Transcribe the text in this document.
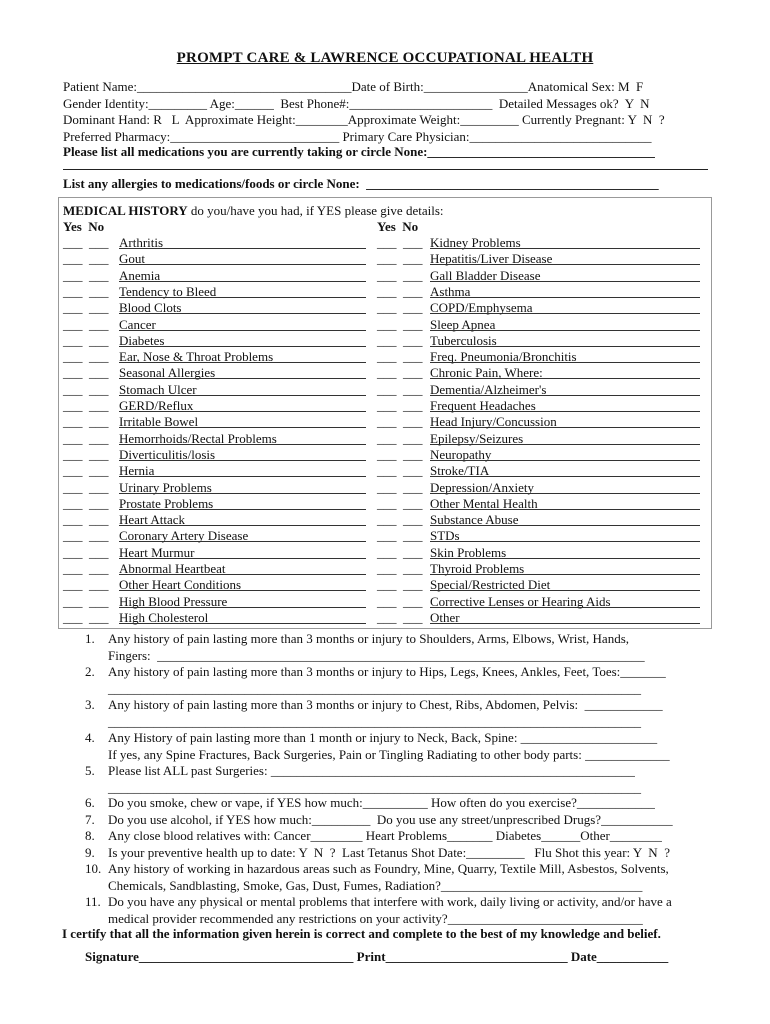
PROMPT CARE & LAWRENCE OCCUPATIONAL HEALTH
Patient Name:_________________________________Date of Birth:________________Anatomical Sex: M  F
Gender Identity:_________ Age:______  Best Phone#:______________________  Detailed Messages ok?  Y  N
Dominant Hand: R   L  Approximate Height:________Approximate Weight:_________ Currently Pregnant: Y  N  ?
Preferred Pharmacy:__________________________ Primary Care Physician:____________________________
Please list all medications you are currently taking or circle None:___________________________________
List any allergies to medications/foods or circle None:  _____________________________________________
MEDICAL HISTORY do you/have you had, if YES please give details:
Yes  No	Yes  No
___  ___ Arthritis
___  ___ Gout
___  ___ Anemia
___  ___ Tendency to Bleed
___  ___ Blood Clots
___  ___ Cancer
___  ___ Diabetes
___  ___ Ear, Nose & Throat Problems
___  ___ Seasonal Allergies
___  ___ Stomach Ulcer
___  ___ GERD/Reflux
___  ___ Irritable Bowel
___  ___ Hemorrhoids/Rectal Problems
___  ___ Diverticulitis/losis
___  ___ Hernia
___  ___ Urinary Problems
___  ___ Prostate Problems
___  ___ Heart Attack
___  ___ Coronary Artery Disease
___  ___ Heart Murmur
___  ___ Abnormal Heartbeat
___  ___ Other Heart Conditions
___  ___ High Blood Pressure
___  ___ High Cholesterol
___  ___ Kidney Problems
___  ___ Hepatitis/Liver Disease
___  ___ Gall Bladder Disease
___  ___ Asthma
___  ___ COPD/Emphysema
___  ___ Sleep Apnea
___  ___ Tuberculosis
___  ___ Freq. Pneumonia/Bronchitis
___  ___ Chronic Pain, Where:
___  ___ Dementia/Alzheimer's
___  ___ Frequent Headaches
___  ___ Head Injury/Concussion
___  ___ Epilepsy/Seizures
___  ___ Neuropathy
___  ___ Stroke/TIA
___  ___ Depression/Anxiety
___  ___ Other Mental Health
___  ___ Substance Abuse
___  ___ STDs
___  ___ Skin Problems
___  ___ Thyroid Problems
___  ___ Special/Restricted Diet
___  ___ Corrective Lenses or Hearing Aids
___  ___ Other
1. Any history of pain lasting more than 3 months or injury to Shoulders, Arms, Elbows, Wrist, Hands,
Fingers:  ___________________________________________________________________________
2. Any history of pain lasting more than 3 months or injury to Hips, Legs, Knees, Ankles, Feet, Toes:_______
__________________________________________________________________________________
3. Any history of pain lasting more than 3 months or injury to Chest, Ribs, Abdomen, Pelvis:  ____________
__________________________________________________________________________________
4. Any History of pain lasting more than 1 month or injury to Neck, Back, Spine: _____________________
If yes, any Spine Fractures, Back Surgeries, Pain or Tingling Radiating to other body parts: _____________
5. Please list ALL past Surgeries: ________________________________________________________
__________________________________________________________________________________
6. Do you smoke, chew or vape, if YES how much:__________ How often do you exercise?____________
7. Do you use alcohol, if YES how much:_________  Do you use any street/unprescribed Drugs?___________
8. Any close blood relatives with: Cancer________ Heart Problems_______ Diabetes______Other________
9. Is your preventive health up to date: Y  N  ?  Last Tetanus Shot Date:_________   Flu Shot this year: Y  N  ?
10. Any history of working in hazardous areas such as Foundry, Mine, Quarry, Textile Mill, Asbestos, Solvents,
Chemicals, Sandblasting, Smoke, Gas, Dust, Fumes, Radiation?_______________________________
11. Do you have any physical or mental problems that interfere with work, daily living or activity, and/or have a
medical provider recommended any restrictions on your activity?______________________________
I certify that all the information given herein is correct and complete to the best of my knowledge and belief.
Signature_________________________________ Print____________________________ Date___________
